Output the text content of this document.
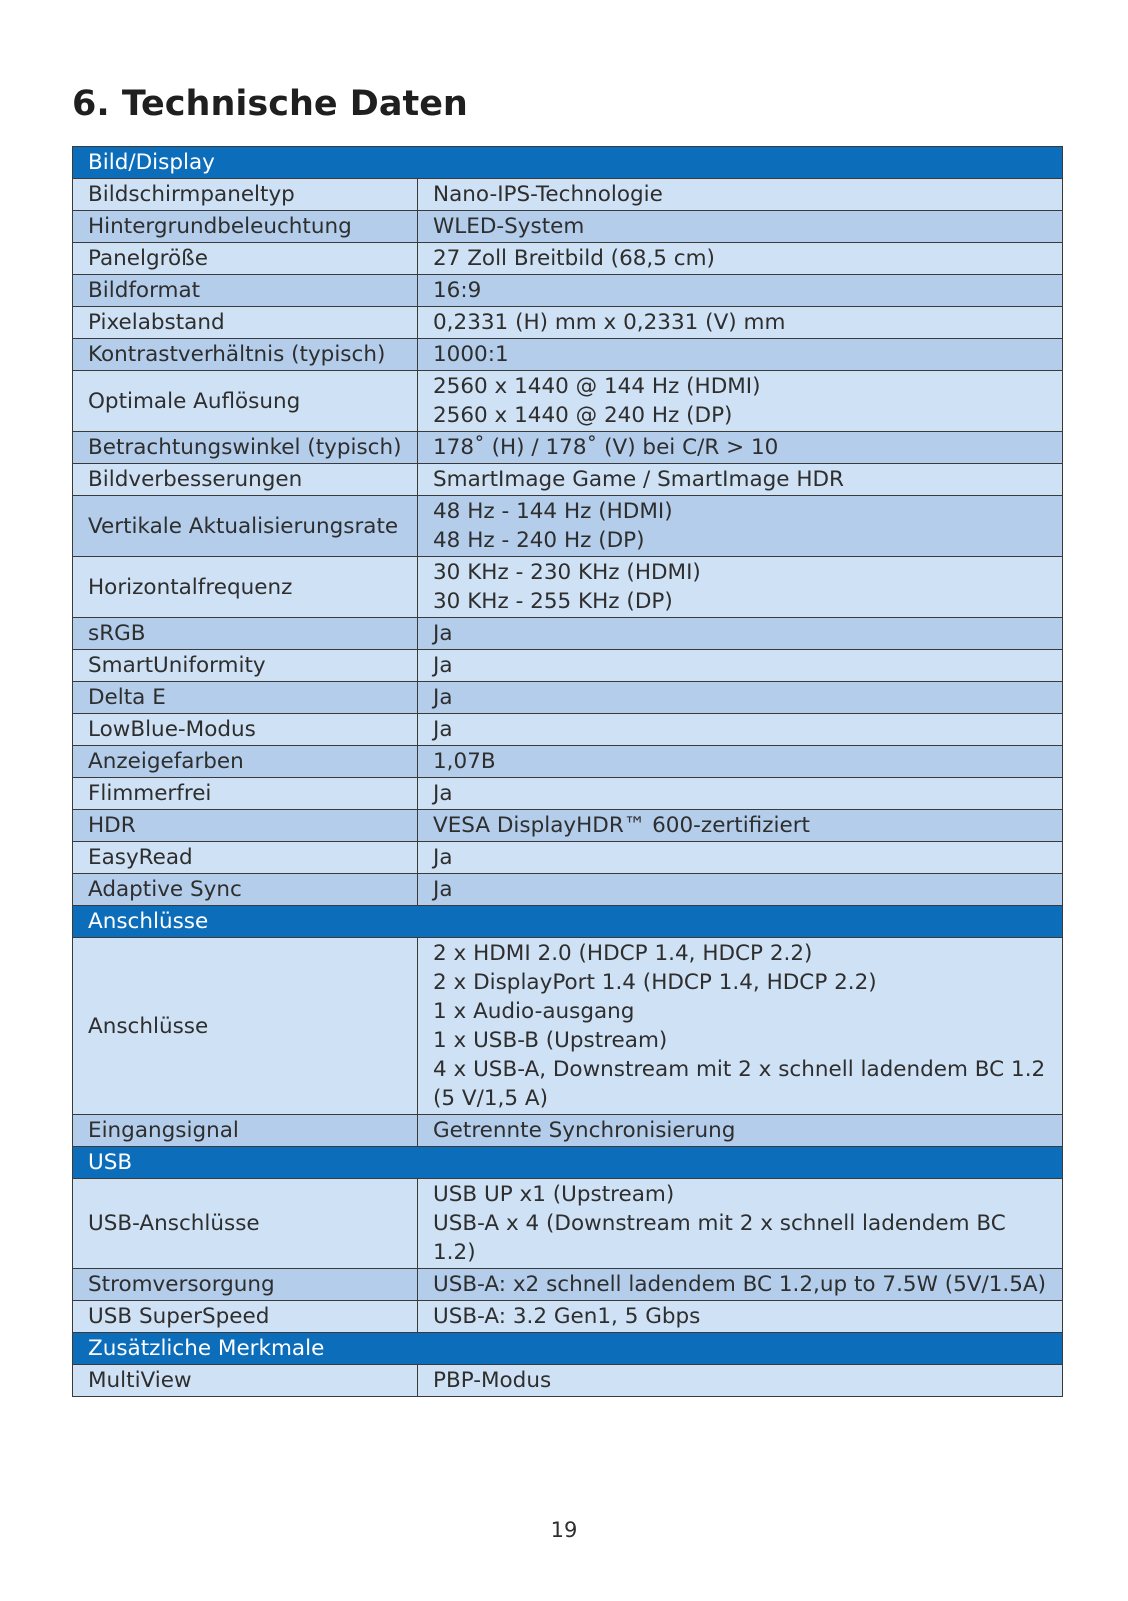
6. Technische Daten
Bild/Display	
Bildschirmpaneltyp	Nano-IPS-Technologie

Hintergrundbeleuchtung	WLED-System

Panelgröße	27 Zoll Breitbild (68,5 cm)

Bildformat	16:9

Pixelabstand	0,2331 (H) mm x 0,2331 (V) mm

Kontrastverhältnis (typisch)	1000:1

Optimale Auflösung	2560 x 1440 @ 144 Hz (HDMI)
2560 x 1440 @ 240 Hz (DP)

Betrachtungswinkel (typisch)	178˚ (H) / 178˚ (V) bei C/R > 10

Bildverbesserungen	SmartImage Game / SmartImage HDR

Vertikale Aktualisierungsrate	48 Hz - 144 Hz (HDMI)
48 Hz - 240 Hz (DP)

Horizontalfrequenz	30 KHz - 230 KHz (HDMI)
30 KHz - 255 KHz (DP)

sRGB	Ja

SmartUniformity	Ja

Delta E	Ja

LowBlue-Modus	Ja

Anzeigefarben	1,07B

Flimmerfrei	Ja

HDR	VESA DisplayHDR™ 600-zertifiziert

EasyRead	Ja

Adaptive Sync	Ja

Anschlüsse	
Anschlüsse	2 x HDMI 2.0 (HDCP 1.4, HDCP 2.2)
2 x DisplayPort 1.4 (HDCP 1.4, HDCP 2.2)
1 x Audio-ausgang
1 x USB-B (Upstream)
4 x USB-A, Downstream mit 2 x schnell ladendem BC 1.2 (5 V/1,5 A)

Eingangsignal	Getrennte Synchronisierung

USB	
USB-Anschlüsse	USB UP x1 (Upstream)
USB-A x 4 (Downstream mit 2 x schnell ladendem BC 1.2)

Stromversorgung	USB-A: x2 schnell ladendem BC 1.2,up to 7.5W (5V/1.5A)

USB SuperSpeed	USB-A: 3.2 Gen1, 5 Gbps

Zusätzliche Merkmale	
MultiView	PBP-Modus
19
